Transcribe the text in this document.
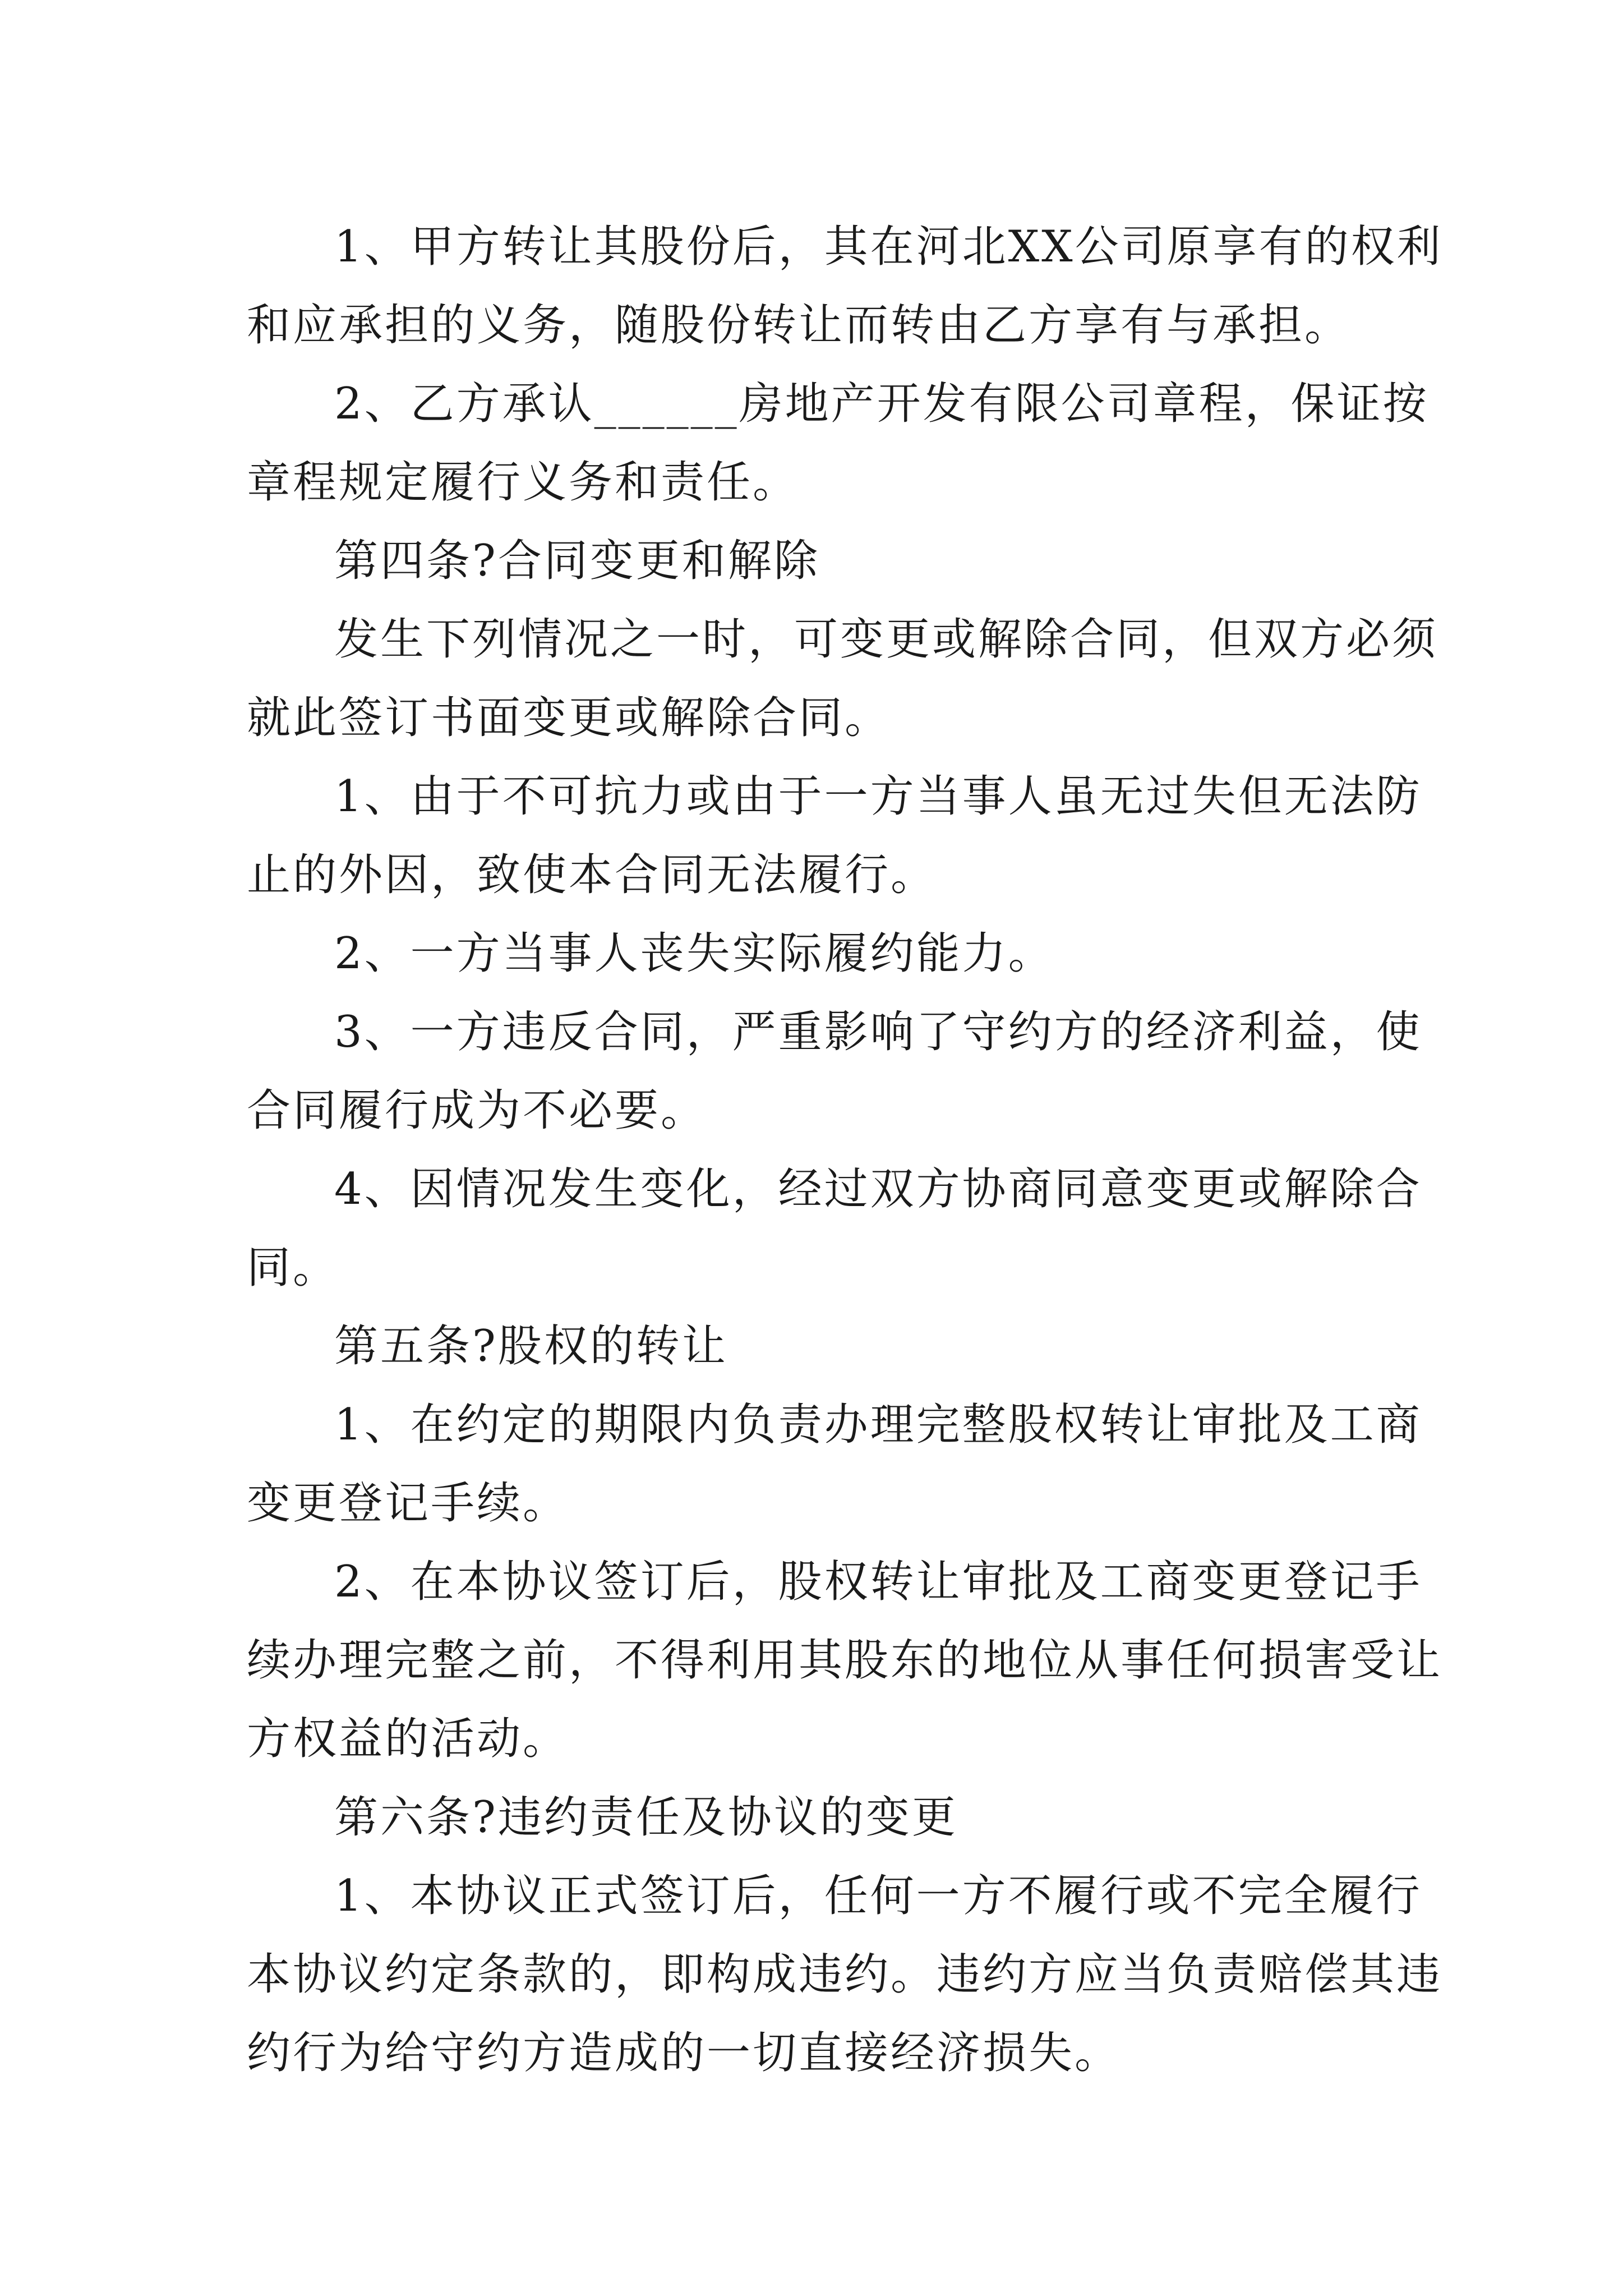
1、甲方转让其股份后，其在河北XX公司原享有的权利
和应承担的义务，随股份转让而转由乙方享有与承担。
2、乙方承认______房地产开发有限公司章程，保证按
章程规定履行义务和责任。
第四条?合同变更和解除
发生下列情况之一时，可变更或解除合同，但双方必须
就此签订书面变更或解除合同。
1、由于不可抗力或由于一方当事人虽无过失但无法防
止的外因，致使本合同无法履行。
2、一方当事人丧失实际履约能力。
3、一方违反合同，严重影响了守约方的经济利益，使
合同履行成为不必要。
4、因情况发生变化，经过双方协商同意变更或解除合
同。
第五条?股权的转让
1、在约定的期限内负责办理完整股权转让审批及工商
变更登记手续。
2、在本协议签订后，股权转让审批及工商变更登记手
续办理完整之前，不得利用其股东的地位从事任何损害受让
方权益的活动。
第六条?违约责任及协议的变更
1、本协议正式签订后，任何一方不履行或不完全履行
本协议约定条款的，即构成违约。违约方应当负责赔偿其违
约行为给守约方造成的一切直接经济损失。
